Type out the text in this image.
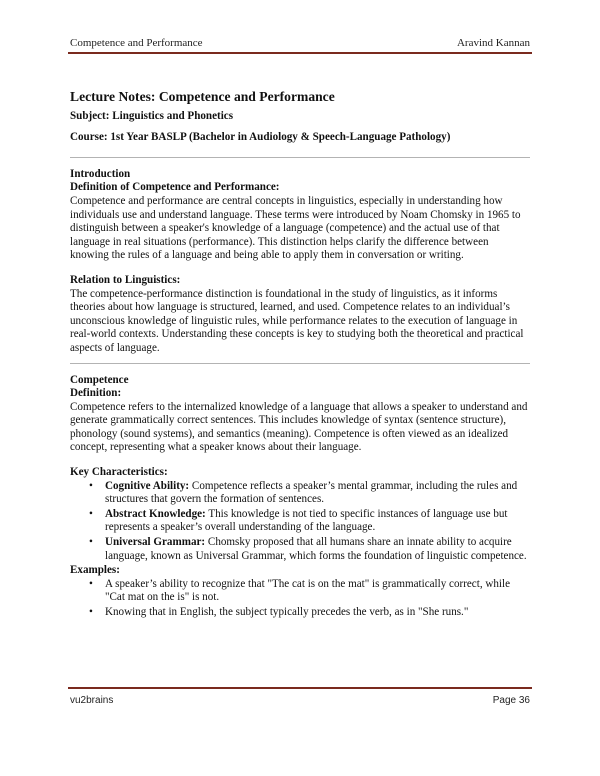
Competence and Performance	Aravind Kannan
Lecture Notes: Competence and Performance
Subject: Linguistics and Phonetics
Course: 1st Year BASLP (Bachelor in Audiology & Speech-Language Pathology)
Introduction
Definition of Competence and Performance:

Competence and performance are central concepts in linguistics, especially in understanding how individuals use and understand language. These terms were introduced by Noam Chomsky in 1965 to distinguish between a speaker's knowledge of a language (competence) and the actual use of that language in real situations (performance). This distinction helps clarify the difference between knowing the rules of a language and being able to apply them in conversation or writing.

Relation to Linguistics:

The competence-performance distinction is foundational in the study of linguistics, as it informs theories about how language is structured, learned, and used. Competence relates to an individual’s unconscious knowledge of linguistic rules, while performance relates to the execution of language in real-world contexts. Understanding these concepts is key to studying both the theoretical and practical aspects of language.

Competence
Definition:

Competence refers to the internalized knowledge of a language that allows a speaker to understand and generate grammatically correct sentences. This includes knowledge of syntax (sentence structure), phonology (sound systems), and semantics (meaning). Competence is often viewed as an idealized concept, representing what a speaker knows about their language.

Key Characteristics:
• Cognitive Ability: Competence reflects a speaker’s mental grammar, including the rules and structures that govern the formation of sentences.
• Abstract Knowledge: This knowledge is not tied to specific instances of language use but represents a speaker’s overall understanding of the language.
• Universal Grammar: Chomsky proposed that all humans share an innate ability to acquire language, known as Universal Grammar, which forms the foundation of linguistic competence.
Examples:
• A speaker’s ability to recognize that "The cat is on the mat" is grammatically correct, while "Cat mat on the is" is not.
• Knowing that in English, the subject typically precedes the verb, as in "She runs."
vu2brains	Page 36
